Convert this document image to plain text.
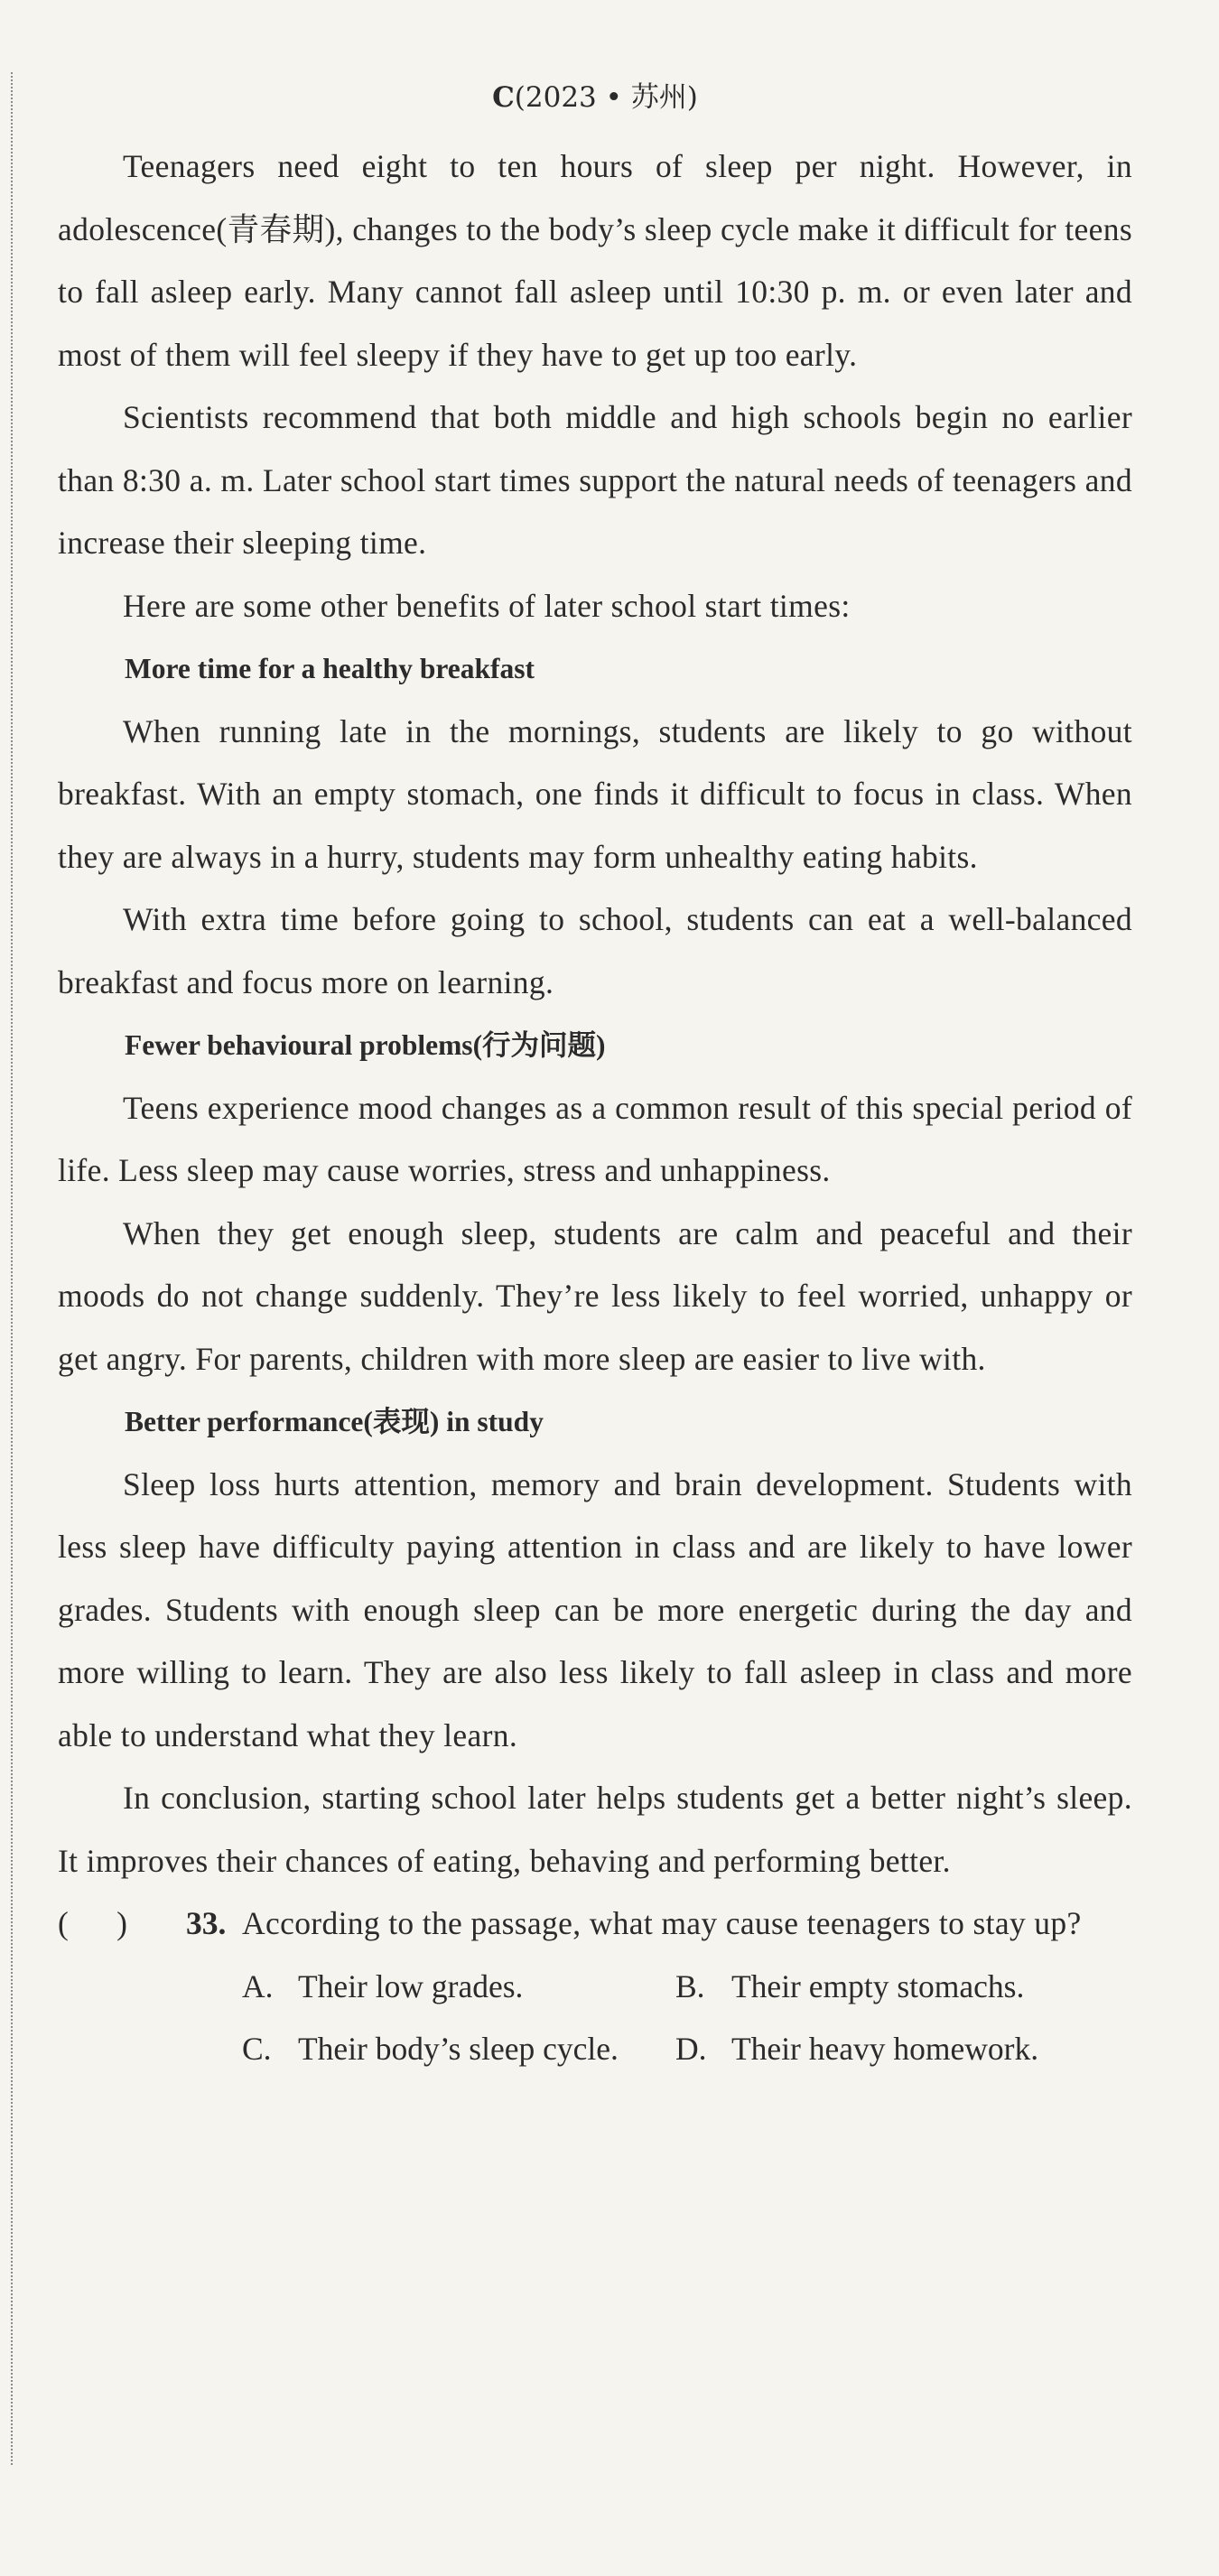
C(2023 • 苏州)

Teenagers need eight to ten hours of sleep per night. However, in adolescence(青春期), changes to the body’s sleep cycle make it difficult for teens to fall asleep early. Many cannot fall asleep until 10:30 p. m. or even later and most of them will feel sleepy if they have to get up too early.

Scientists recommend that both middle and high schools begin no earlier than 8:30 a. m. Later school start times support the natural needs of teenagers and increase their sleeping time.

Here are some other benefits of later school start times:

More time for a healthy breakfast

When running late in the mornings, students are likely to go without breakfast. With an empty stomach, one finds it difficult to focus in class. When they are always in a hurry, students may form unhealthy eating habits.

With extra time before going to school, students can eat a well-balanced breakfast and focus more on learning.

Fewer behavioural problems(行为问题)

Teens experience mood changes as a common result of this special period of life. Less sleep may cause worries, stress and unhappiness.

When they get enough sleep, students are calm and peaceful and their moods do not change suddenly. They’re less likely to feel worried, unhappy or get angry. For parents, children with more sleep are easier to live with.

Better performance(表现) in study

Sleep loss hurts attention, memory and brain development. Students with less sleep have difficulty paying attention in class and are likely to have lower grades. Students with enough sleep can be more energetic during the day and more willing to learn. They are also less likely to fall asleep in class and more able to understand what they learn.

In conclusion, starting school later helps students get a better night’s sleep. It improves their chances of eating, behaving and performing better.

(      )	33. According to the passage, what may cause teenagers to stay up?
A. Their low grades.	B. Their empty stomachs.
C. Their body’s sleep cycle.	D. Their heavy homework.
